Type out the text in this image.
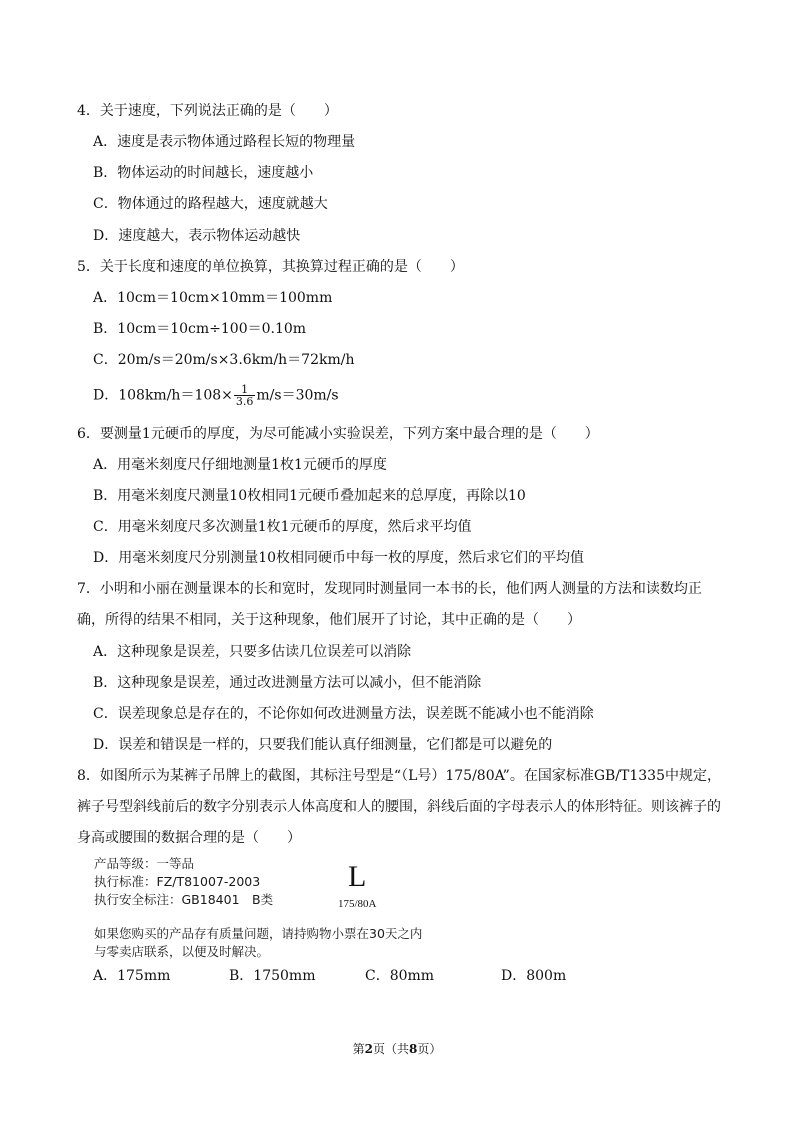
4．关于速度，下列说法正确的是（　　）
A．速度是表示物体通过路程长短的物理量
B．物体运动的时间越长，速度越小
C．物体通过的路程越大，速度就越大
D．速度越大，表示物体运动越快
5．关于长度和速度的单位换算，其换算过程正确的是（　　）
A．10cm＝10cm×10mm＝100mm
B．10cm＝10cm÷100＝0.10m
C．20m/s＝20m/s×3.6km/h＝72km/h
D．$108km/h=108\times \frac{1}{3.6} m/s=30m/s$
6．要测量1元硬币的厚度，为尽可能减小实验误差，下列方案中最合理的是（　　）
A．用毫米刻度尺仔细地测量1枚1元硬币的厚度
B．用毫米刻度尺测量10枚相同1元硬币叠加起来的总厚度，再除以10
C．用毫米刻度尺多次测量1枚1元硬币的厚度，然后求平均值
D．用毫米刻度尺分别测量10枚相同硬币中每一枚的厚度，然后求它们的平均值
7．小明和小丽在测量课本的长和宽时，发现同时测量同一本书的长，他们两人测量的方法和读数均正确，所得的结果不相同，关于这种现象，他们展开了讨论，其中正确的是（　　）
A．这种现象是误差，只要多估读几位误差可以消除
B．这种现象是误差，通过改进测量方法可以减小，但不能消除
C．误差现象总是存在的，不论你如何改进测量方法，误差既不能减小也不能消除
D．误差和错误是一样的，只要我们能认真仔细测量，它们都是可以避免的
8．如图所示为某裤子吊牌上的截图，其标注号型是“（L号）175/80A”。在国家标准GB/T1335中规定，裤子号型斜线前后的数字分别表示人体高度和人的腰围，斜线后面的字母表示人的体形特征。则该裤子的身高或腰围的数据合理的是（　　）
产品等级：一等品
执行标准：FZ/T81007-2003
执行安全标注：GB18401　B类
L
175/80A
如果您购买的产品存有质量问题，请持购物小票在30天之内
与零卖店联系，以便及时解决。
A．175mm	B．1750mm	C．80mm	D．800m
第2页（共8页）
